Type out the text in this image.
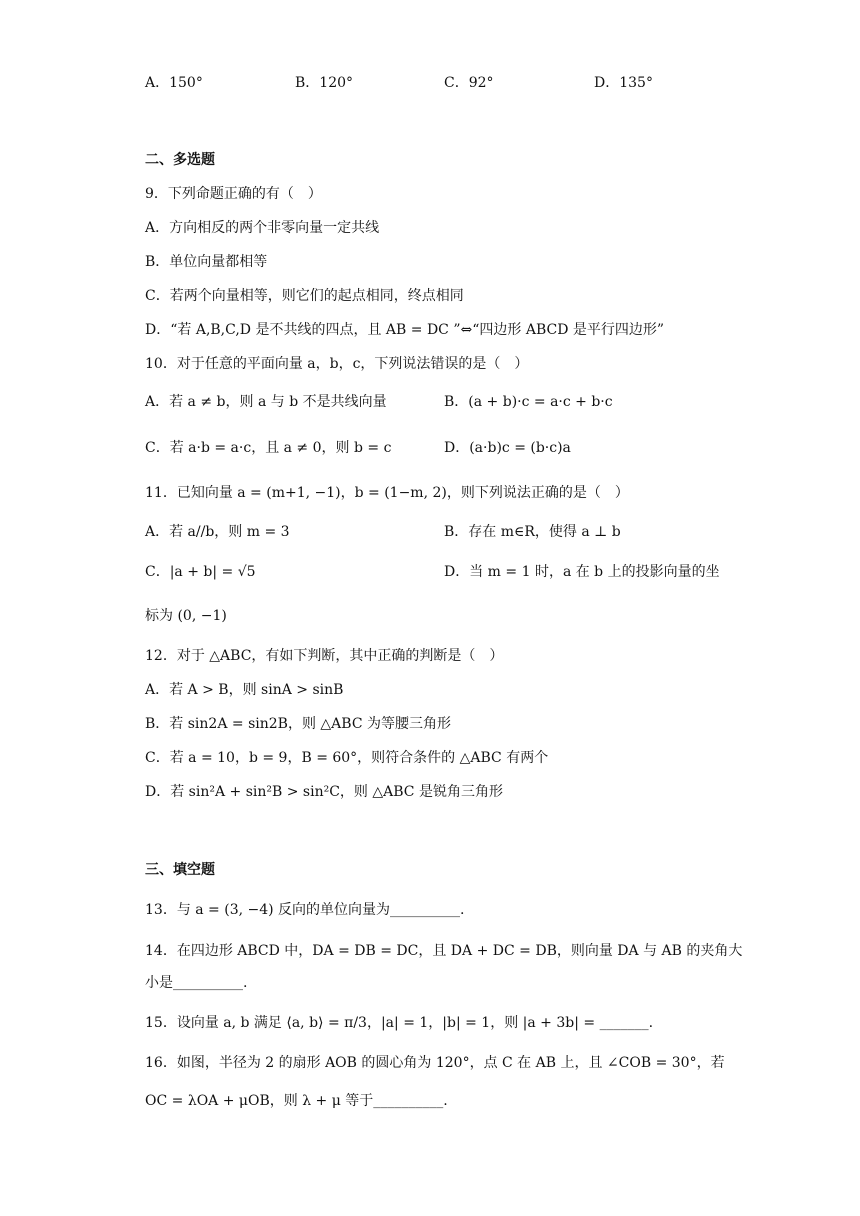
A．150°	B．120°	C．92°	D．135°
二、多选题
9．下列命题正确的有（　）
A．方向相反的两个非零向量一定共线
B．单位向量都相等
C．若两个向量相等，则它们的起点相同，终点相同
D．“若 A,B,C,D 是不共线的四点，且 AB = DC ”⇔“四边形 ABCD 是平行四边形”
10．对于任意的平面向量 a，b，c，下列说法错误的是（　）
A．若 a ≠ b，则 a 与 b 不是共线向量	B．(a + b)·c = a·c + b·c
C．若 a·b = a·c，且 a ≠ 0，则 b = c	D．(a·b)c = (b·c)a
11．已知向量 a = (m+1, −1)，b = (1−m, 2)，则下列说法正确的是（　）
A．若 a//b，则 m = 3	B．存在 m∈R，使得 a ⊥ b
C．|a + b| = √5	D．当 m = 1 时，a 在 b 上的投影向量的坐
标为 (0, −1)
12．对于 △ABC，有如下判断，其中正确的判断是（　）
A．若 A > B，则 sinA > sinB
B．若 sin2A = sin2B，则 △ABC 为等腰三角形
C．若 a = 10，b = 9，B = 60°，则符合条件的 △ABC 有两个
D．若 sin²A + sin²B > sin²C，则 △ABC 是锐角三角形
三、填空题
13．与 a = (3, −4) 反向的单位向量为__________.
14．在四边形 ABCD 中，DA = DB = DC，且 DA + DC = DB，则向量 DA 与 AB 的夹角大
小是__________.
15．设向量 a, b 满足 ⟨a, b⟩ = π/3，|a| = 1，|b| = 1，则 |a + 3b| = _______.
16．如图，半径为 2 的扇形 AOB 的圆心角为 120°，点 C 在 AB 上，且 ∠COB = 30°，若
OC = λOA + μOB，则 λ + μ 等于__________.
